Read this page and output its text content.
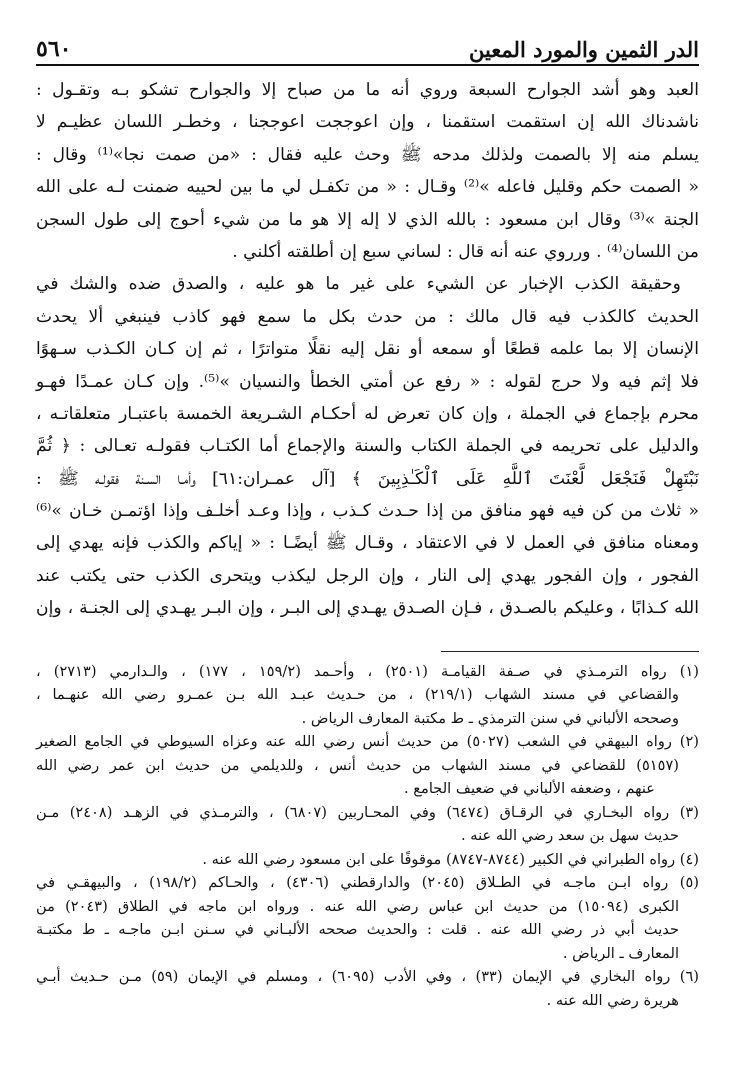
الدر الثمين والمورد المعين
٥٦٠
العبد وهو أشد الجوارح السبعة وروي أنه ما من صباح إلا والجوارح تشكو بـه وتقـول :
ناشدناك الله إن استقمت استقمنا ، وإن اعوججت اعوججنا ، وخطـر اللسان عظيـم لا
يسلم منه إلا بالصمت ولذلك مدحه ﷺ وحث عليه فقال : «من صمت نجا»⁽¹⁾ وقال :
« الصمت حكم وقليل فاعله »⁽²⁾ وقـال : « من تكفـل لي ما بين لحييه ضمنت لـه على الله
الجنة »⁽³⁾ وقال ابن مسعود : بالله الذي لا إله إلا هو ما من شيء أحوج إلى طول السجن
من اللسان⁽⁴⁾ . ورروي عنه أنه قال : لساني سبع إن أطلقته أكلني .
وحقيقة الكذب الإخبار عن الشيء على غير ما هو عليه ، والصدق ضده والشك في
الحديث كالكذب فيه قال مالك : من حدث بكل ما سمع فهو كاذب فينبغي ألا يحدث
الإنسان إلا بما علمه قطعًا أو سمعه أو نقل إليه نقلًا متواترًا ، ثم إن كـان الكـذب سـهوًا
فلا إثم فيه ولا حرج لقوله : « رفع عن أمتي الخطأ والنسيان »⁽⁵⁾. وإن كـان عمـدًا فهـو
محرم بإجماع في الجملة ، وإن كان تعرض له أحكـام الشـريعة الخمسة باعتبـار متعلقاتـه ،
والدليل على تحريمه في الجملة الكتاب والسنة والإجماع أما الكتـاب فقولـه تعـالى : ﴿ ثُمَّ
نَبْتَهِلْ فَنَجْعَل لَّعْنَتَ ٱللَّهِ عَلَى ٱلْكَـٰذِبِينَ ﴾ [آل عمـران:٦١] وأمـا السـنة فقولـه ﷺ :
« ثلاث من كن فيه فهو منافق من إذا حـدث كـذب ، وإذا وعـد أخلـف وإذا اؤتمـن خـان »⁽⁶⁾
ومعناه منافق في العمل لا في الاعتقاد ، وقـال ﷺ أيضًـا : « إياكم والكذب فإنه يهدي إلى
الفجور ، وإن الفجور يهدي إلى النار ، وإن الرجل ليكذب ويتحرى الكذب حتى يكتب عند
الله كـذابًا ، وعليكم بالصـدق ، فـإن الصـدق يهـدي إلى البـر ، وإن البـر يهـدي إلى الجنـة ، وإن
(١) رواه الترمـذي في صـفة القيامـة (٢٥٠١) ، وأحـمد (١٥٩/٢ ، ١٧٧) ، والـدارمي (٢٧١٣) ،
والقضاعي في مسند الشهاب (٢١٩/١) ، من حـديث عبـد الله بـن عمـرو رضي الله عنهـما ،
وصححه الألباني في سنن الترمذي ـ ط مكتبة المعارف الرياض .
(٢) رواه البيهقي في الشعب (٥٠٢٧) من حديث أنس رضي الله عنه وعزاه السيوطي في الجامع الصغير
(٥١٥٧) للقضاعي في مسند الشهاب من حديث أنس ، وللديلمي من حديث ابن عمر رضي الله
عنهم ، وضعفه الألباني في ضعيف الجامع .
(٣) رواه البخـاري في الرقـاق (٦٤٧٤) وفي المحـاربين (٦٨٠٧) ، والترمـذي في الزهـد (٢٤٠٨) مـن
حديث سهل بن سعد رضي الله عنه .
(٤) رواه الطبراني في الكبير (٨٧٤٤-٨٧٤٧) موقوفًا على ابن مسعود رضي الله عنه .
(٥) رواه ابـن ماجـه في الطـلاق (٢٠٤٥) والدارقطني (٤٣٠٦) ، والحـاكم (١٩٨/٢) ، والبيهقـي في
الكبرى (١٥٠٩٤) من حديث ابن عباس رضي الله عنه . ورواه ابن ماجه في الطلاق (٢٠٤٣) من
حديث أبي ذر رضي الله عنه . قلت : والحديث صححه الألبـاني في سـنن ابـن ماجـه ـ ط مكتبـة
المعارف ـ الرياض .
(٦) رواه البخاري في الإيمان (٣٣) ، وفي الأدب (٦٠٩٥) ، ومسلم في الإيمان (٥٩) مـن حـديث أبـي
هريرة رضي الله عنه .
